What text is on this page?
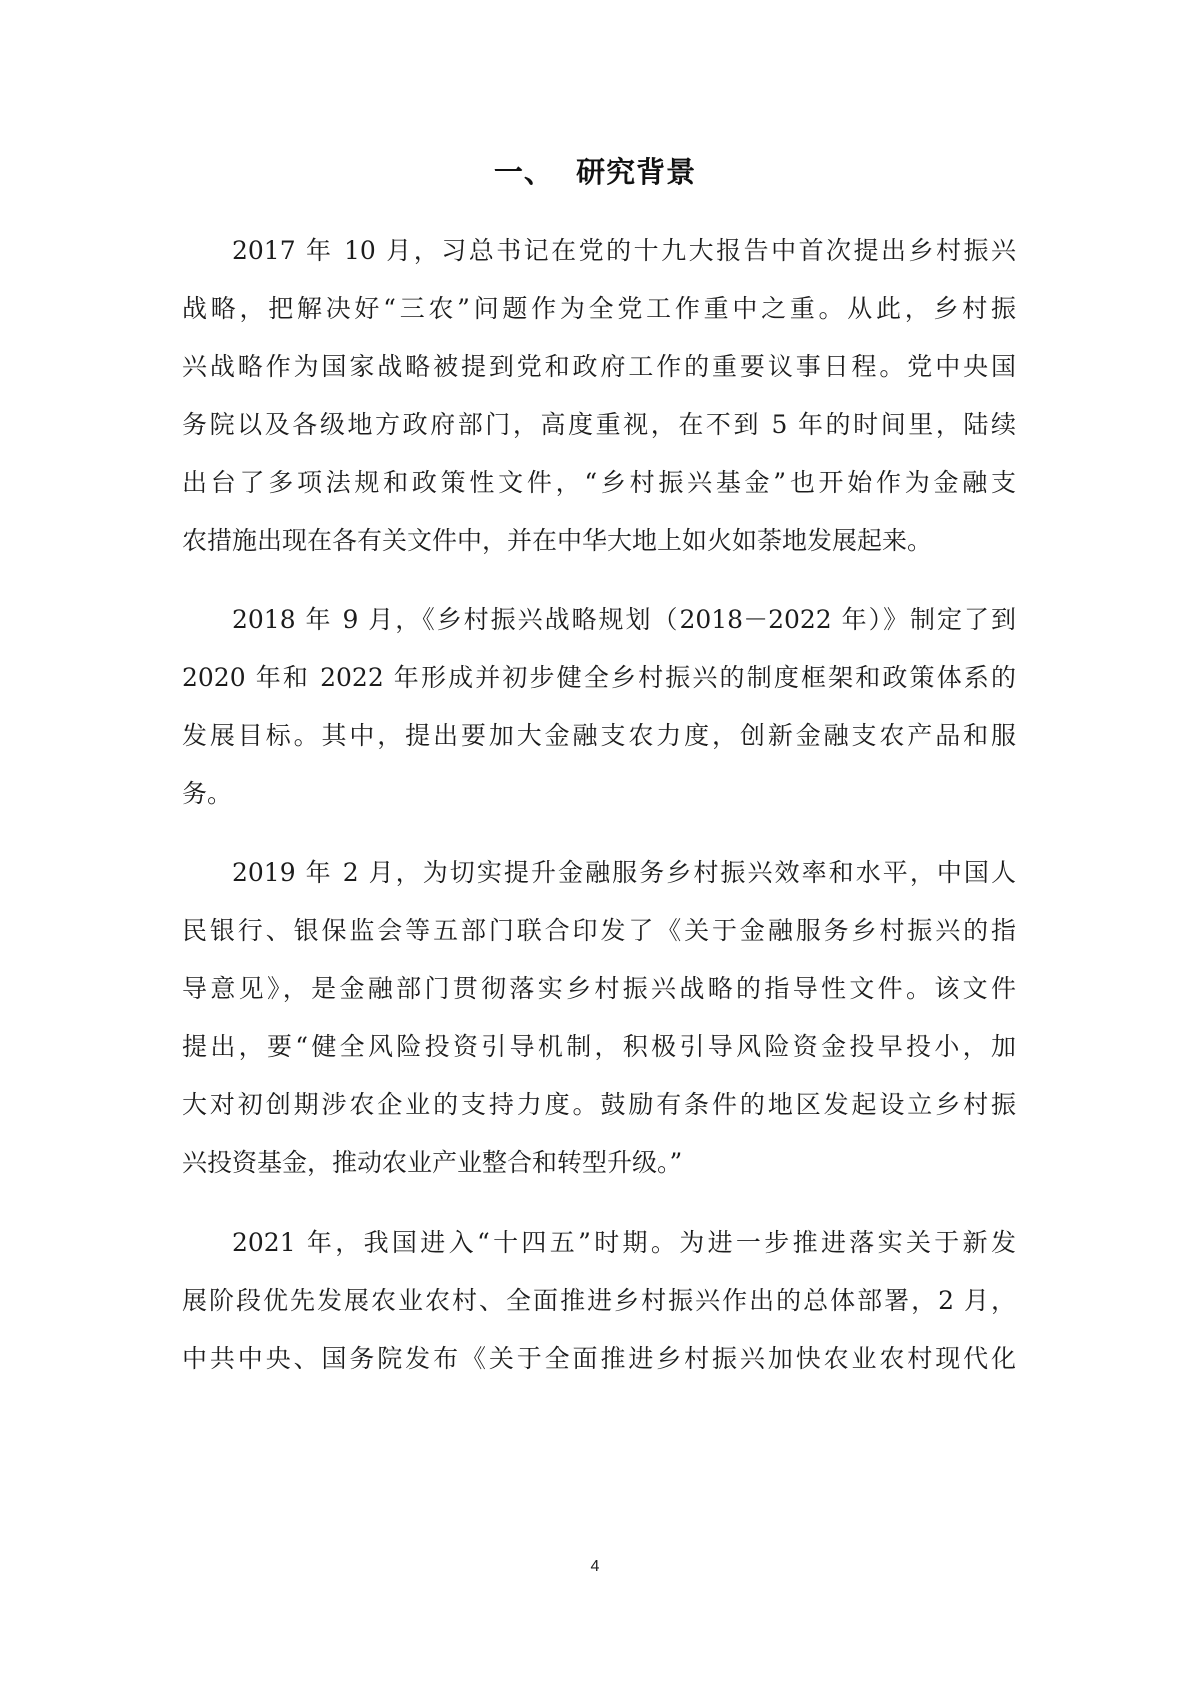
一、 研究背景
2017 年 10 月，习总书记在党的十九大报告中首次提出乡村振兴
战略，把解决好“三农”问题作为全党工作重中之重。从此，乡村振
兴战略作为国家战略被提到党和政府工作的重要议事日程。党中央国
务院以及各级地方政府部门，高度重视，在不到 5 年的时间里，陆续
出台了多项法规和政策性文件，“乡村振兴基金”也开始作为金融支
农措施出现在各有关文件中，并在中华大地上如火如荼地发展起来。
2018 年 9 月，《乡村振兴战略规划（2018－2022 年）》制定了到
2020 年和 2022 年形成并初步健全乡村振兴的制度框架和政策体系的
发展目标。其中，提出要加大金融支农力度，创新金融支农产品和服
务。
2019 年 2 月，为切实提升金融服务乡村振兴效率和水平，中国人
民银行、银保监会等五部门联合印发了《关于金融服务乡村振兴的指
导意见》，是金融部门贯彻落实乡村振兴战略的指导性文件。该文件
提出，要“健全风险投资引导机制，积极引导风险资金投早投小，加
大对初创期涉农企业的支持力度。鼓励有条件的地区发起设立乡村振
兴投资基金，推动农业产业整合和转型升级。”
2021 年，我国进入“十四五”时期。为进一步推进落实关于新发
展阶段优先发展农业农村、全面推进乡村振兴作出的总体部署，2 月，
中共中央、国务院发布《关于全面推进乡村振兴加快农业农村现代化
4
